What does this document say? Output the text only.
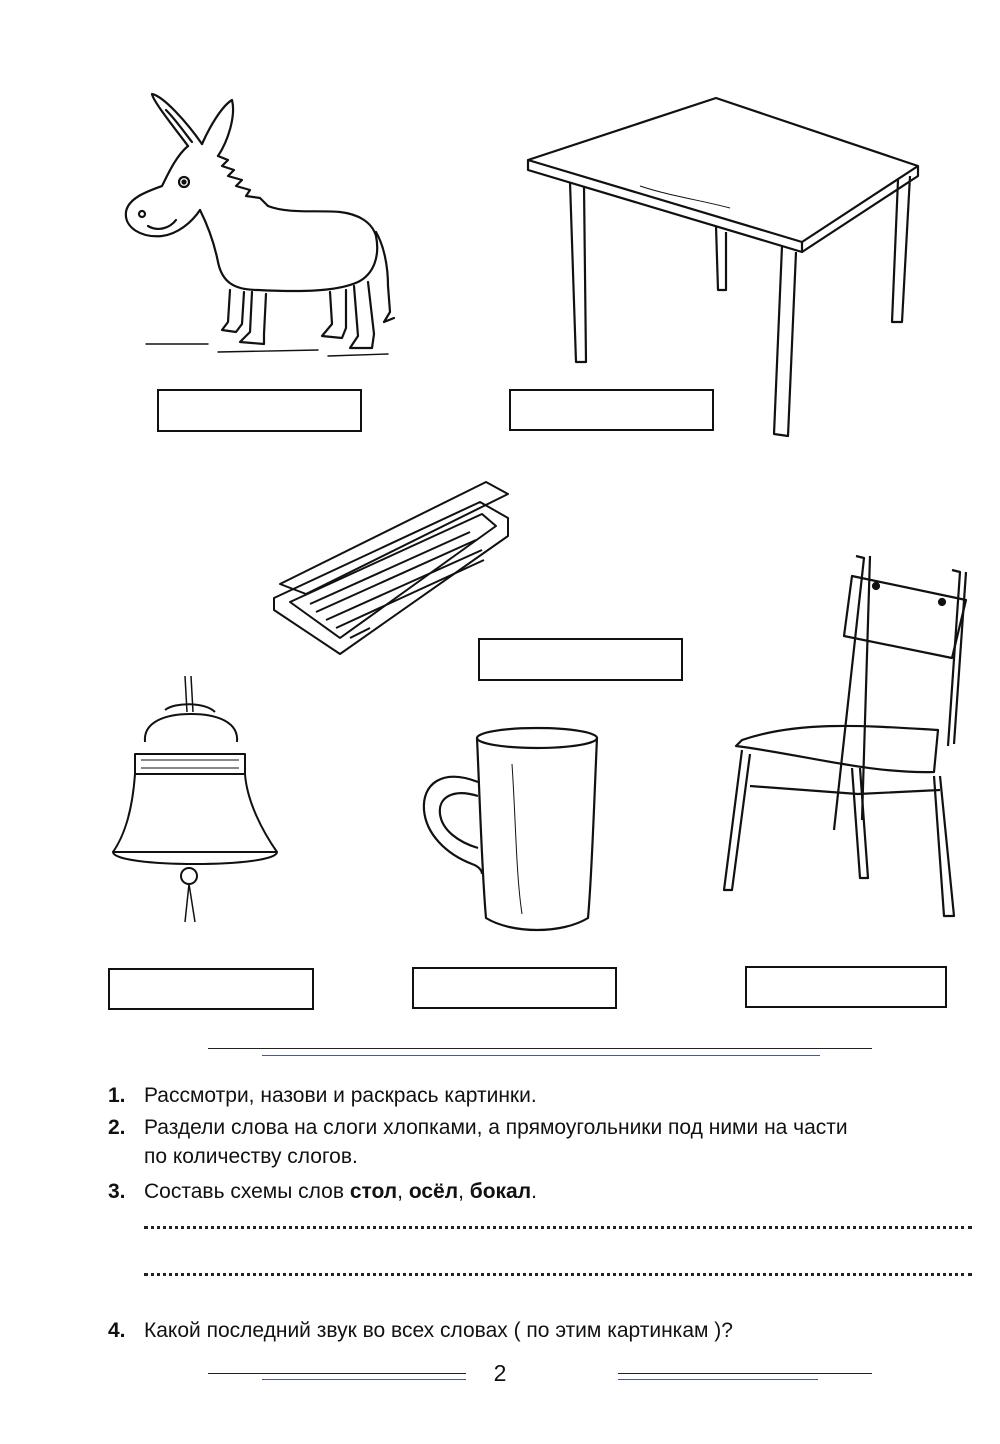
1. Рассмотри, назови и раскрась картинки.
2. Раздели слова на слоги хлопками, а прямоугольники под ними на части
по количеству слогов.
3. Составь схемы слов стол, осёл, бокал.
4. Какой последний звук во всех словах ( по этим картинкам )?
2
